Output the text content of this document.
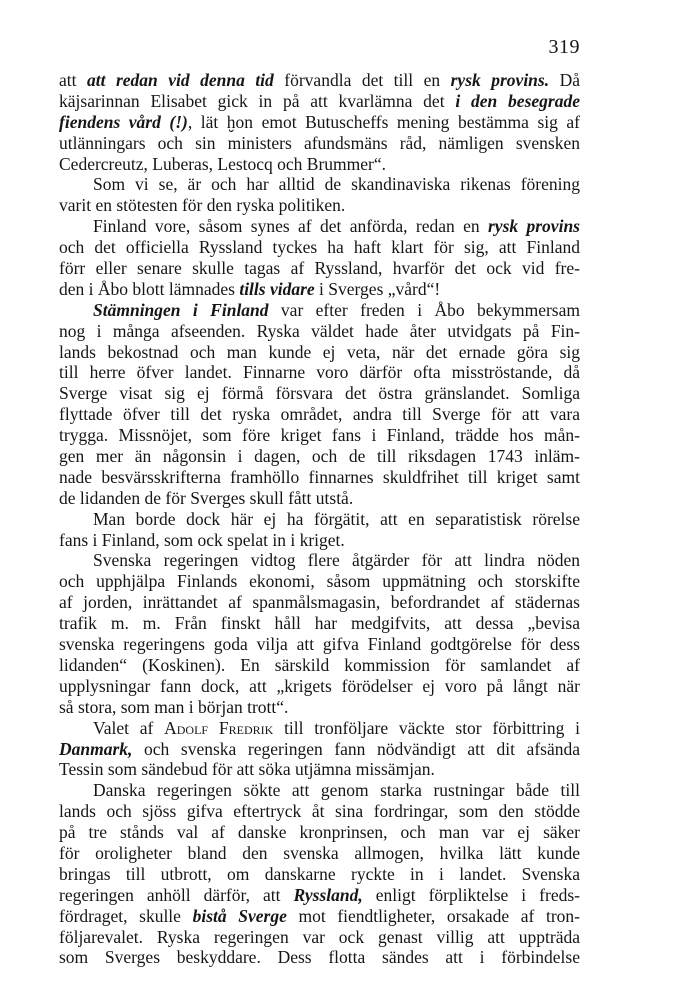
319
att att redan vid denna tid förvandla det till en rysk provins. Då
käjsarinnan Elisabet gick in på att kvarlämna det i den besegrade
fiendens vård (!), lät ḫon emot Butuscheffs mening bestämma sig af
utlänningars och sin ministers afundsmäns råd, nämligen svensken
Cedercreutz, Luberas, Lestocq och Brummer“.
Som vi se, är och har alltid de skandinaviska rikenas förening
varit en stötesten för den ryska politiken.
Finland vore, såsom synes af det anförda, redan en rysk provins
och det officiella Ryssland tyckes ha haft klart för sig, att Finland
förr eller senare skulle tagas af Ryssland, hvarför det ock vid fre-
den i Åbo blott lämnades tills vidare i Sverges „vård“!
Stämningen i Finland var efter freden i Åbo bekymmersam
nog i många afseenden. Ryska väldet hade åter utvidgats på Fin-
lands bekostnad och man kunde ej veta, när det ernade göra sig
till herre öfver landet. Finnarne voro därför ofta misströstande, då
Sverge visat sig ej förmå försvara det östra gränslandet. Somliga
flyttade öfver till det ryska området, andra till Sverge för att vara
trygga. Missnöjet, som före kriget fans i Finland, trädde hos mån-
gen mer än någonsin i dagen, och de till riksdagen 1743 inläm-
nade besvärsskrifterna framhöllo finnarnes skuldfrihet till kriget samt
de lidanden de för Sverges skull fått utstå.
Man borde dock här ej ha förgätit, att en separatistisk rörelse
fans i Finland, som ock spelat in i kriget.
Svenska regeringen vidtog flere åtgärder för att lindra nöden
och upphjälpa Finlands ekonomi, såsom uppmätning och storskifte
af jorden, inrättandet af spanmålsmagasin, befordrandet af städernas
trafik m. m. Från finskt håll har medgifvits, att dessa „bevisa
svenska regeringens goda vilja att gifva Finland godtgörelse för dess
lidanden“ (Koskinen). En särskild kommission för samlandet af
upplysningar fann dock, att „krigets förödelser ej voro på långt när
så stora, som man i början trott“.
Valet af Adolf Fredrik till tronföljare väckte stor förbittring i
Danmark, och svenska regeringen fann nödvändigt att dit afsända
Tessin som sändebud för att söka utjämna missämjan.
Danska regeringen sökte att genom starka rustningar både till
lands och sjöss gifva eftertryck åt sina fordringar, som den stödde
på tre stånds val af danske kronprinsen, och man var ej säker
för oroligheter bland den svenska allmogen, hvilka lätt kunde
bringas till utbrott, om danskarne ryckte in i landet. Svenska
regeringen anhöll därför, att Ryssland, enligt förpliktelse i freds-
fördraget, skulle bistå Sverge mot fiendtligheter, orsakade af tron-
följarevalet. Ryska regeringen var ock genast villig att uppträda
som Sverges beskyddare. Dess flotta sändes att i förbindelse
